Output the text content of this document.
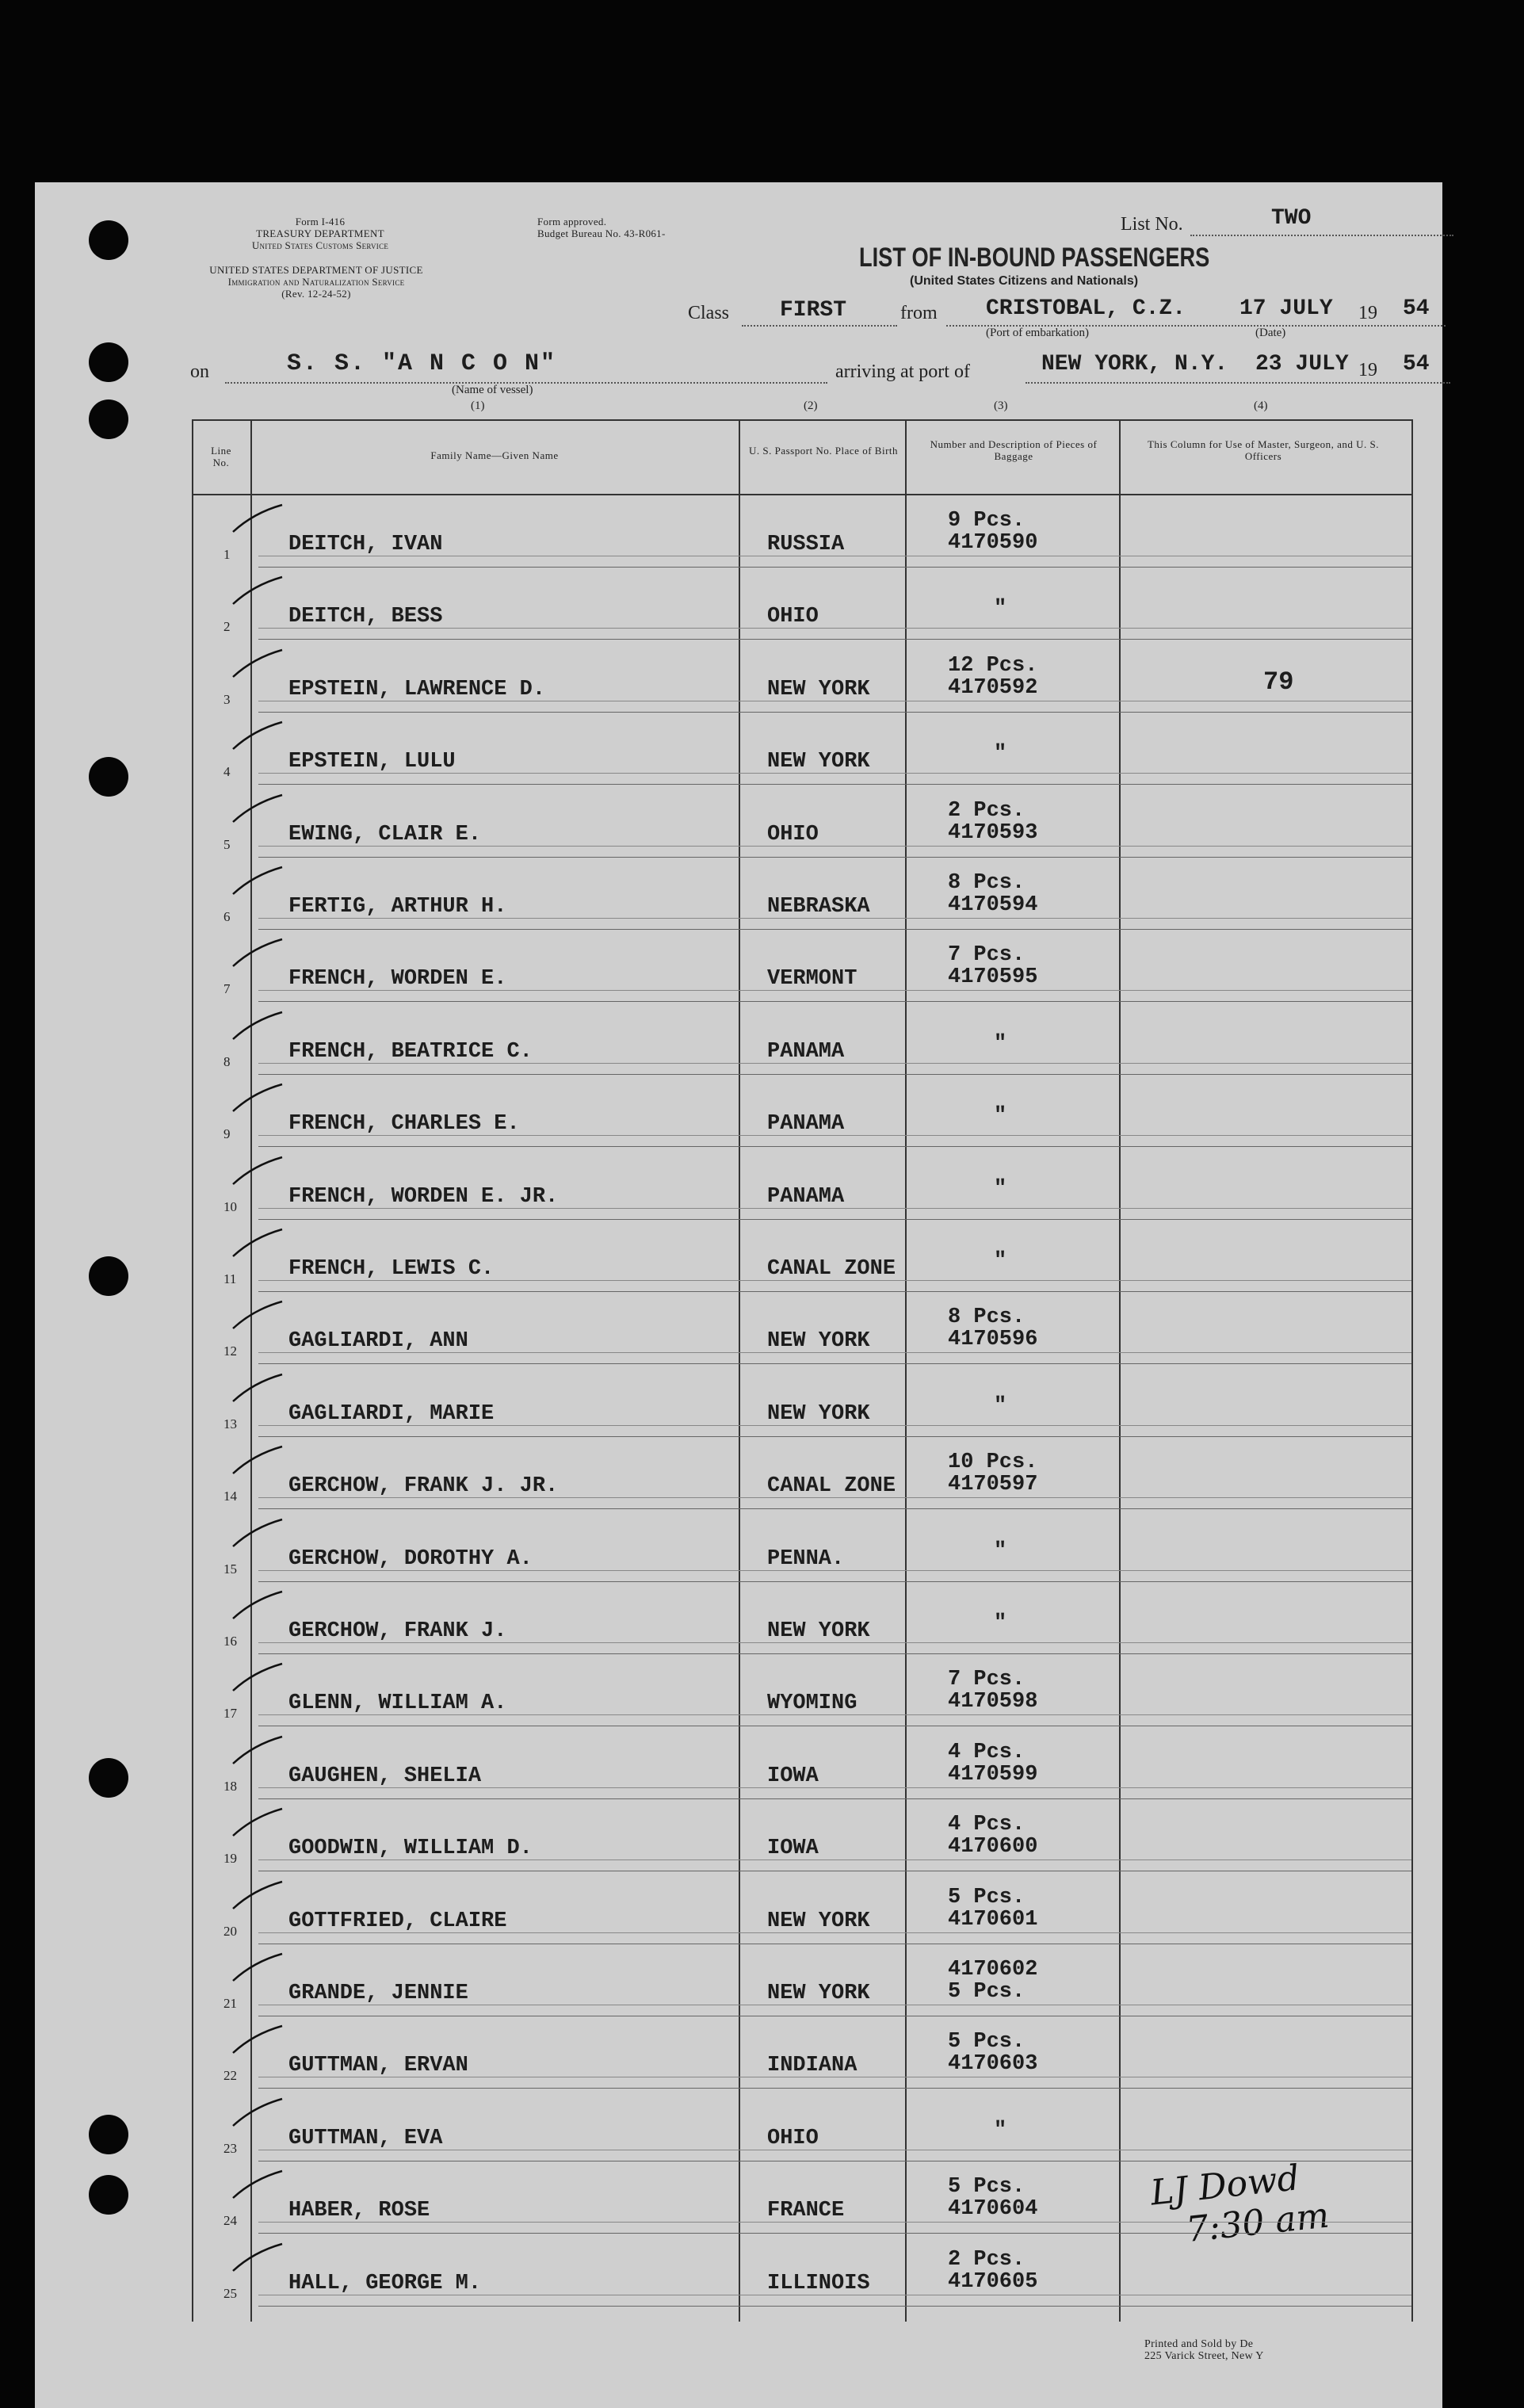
Form I-416
TREASURY DEPARTMENT
United States Customs Service
UNITED STATES DEPARTMENT OF JUSTICE
Immigration and Naturalization Service
(Rev. 12-24-52)
Form approved.
Budget Bureau No. 43-R061-	List No.	TWO
LIST OF IN-BOUND PASSENGERS
(United States Citizens and Nationals)
Class FIRST	from CRISTOBAL, C.Z. 17 JULY 19 54
(Port of embarkation)	(Date)
on	S. S. "A N C O N"
(Name of vessel)
arriving at port of	NEW YORK, N.Y. 23 JULY 19 54
(1)	(2)	(3)	(4)
Printed and Sold by De
225 Varick Street, New Y
LJ Dowd
7:30 am
Line No.
Family Name—Given Name	U. S. Passport No. Place of Birth
Number and Description of Pieces of Baggage
This Column for Use of Master, Surgeon, and U. S. Officers
1	DEITCH, IVAN	RUSSIA
9 Pcs.
4170590
2	DEITCH, BESS	OHIO	"
3	EPSTEIN, LAWRENCE D.	NEW YORK
12 Pcs.
4170592	79
4	EPSTEIN, LULU	NEW YORK	"
5	EWING, CLAIR E.	OHIO
2 Pcs.
4170593
6	FERTIG, ARTHUR H.	NEBRASKA
8 Pcs.
4170594
7	FRENCH, WORDEN E.	VERMONT
7 Pcs.
4170595
8	FRENCH, BEATRICE C.	PANAMA	"
9	FRENCH, CHARLES E.	PANAMA	"
10 FRENCH, WORDEN E. JR.	PANAMA	"
11 FRENCH, LEWIS C.	CANAL ZONE	"
12 GAGLIARDI, ANN	NEW YORK
8 Pcs.
4170596
13 GAGLIARDI, MARIE	NEW YORK	"
14 GERCHOW, FRANK J. JR.	CANAL ZONE
10 Pcs.
4170597
15 GERCHOW, DOROTHY A.	PENNA.	"
16 GERCHOW, FRANK J.	NEW YORK	"
17 GLENN, WILLIAM A.	WYOMING
7 Pcs.
4170598
18 GAUGHEN, SHELIA	IOWA
4 Pcs.
4170599
19 GOODWIN, WILLIAM D.	IOWA
4 Pcs.
4170600
20 GOTTFRIED, CLAIRE	NEW YORK
5 Pcs.
4170601
21 GRANDE, JENNIE	NEW YORK
4170602
5 Pcs.
22 GUTTMAN, ERVAN	INDIANA
5 Pcs.
4170603
23 GUTTMAN, EVA	OHIO	"
24 HABER, ROSE	FRANCE
5 Pcs.
4170604
25 HALL, GEORGE M.	ILLINOIS
2 Pcs.
4170605
